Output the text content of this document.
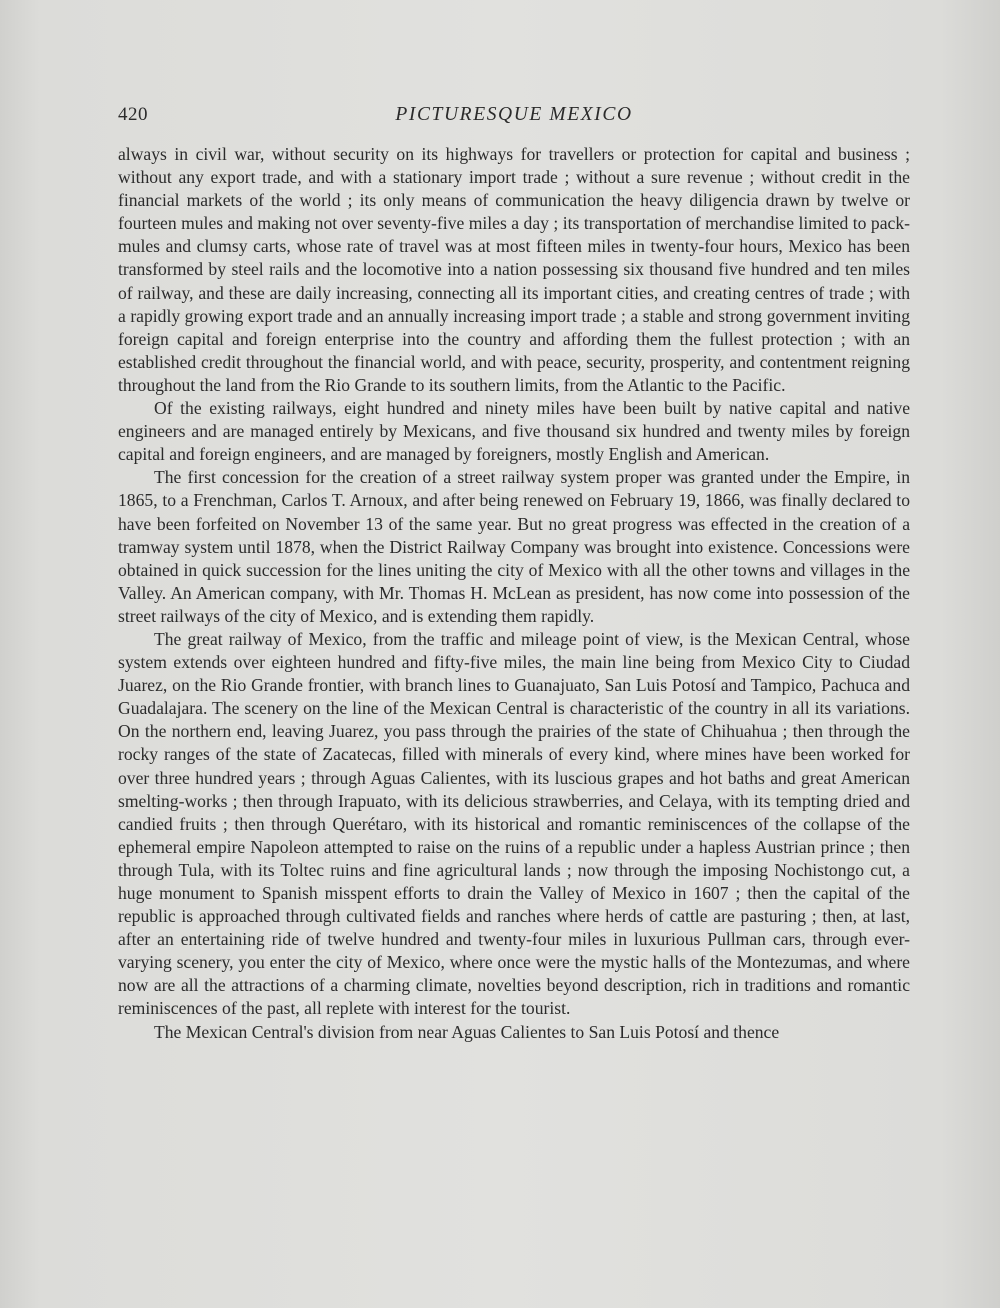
420	PICTURESQUE MEXICO

always in civil war, without security on its highways for travellers or protection for capital and business ; without any export trade, and with a stationary import trade ; without a sure revenue ; without credit in the financial markets of the world ; its only means of communication the heavy diligencia drawn by twelve or fourteen mules and making not over seventy-five miles a day ; its transportation of merchandise limited to pack-mules and clumsy carts, whose rate of travel was at most fifteen miles in twenty-four hours, Mexico has been transformed by steel rails and the locomotive into a nation possessing six thousand five hundred and ten miles of railway, and these are daily increasing, connecting all its important cities, and creating centres of trade ; with a rapidly growing export trade and an annually increasing import trade ; a stable and strong government inviting foreign capital and foreign enterprise into the country and affording them the fullest protection ; with an established credit throughout the financial world, and with peace, security, prosperity, and contentment reigning throughout the land from the Rio Grande to its southern limits, from the Atlantic to the Pacific.

Of the existing railways, eight hundred and ninety miles have been built by native capital and native engineers and are managed entirely by Mexicans, and five thousand six hundred and twenty miles by foreign capital and foreign engineers, and are managed by foreigners, mostly English and American.

The first concession for the creation of a street railway system proper was granted under the Empire, in 1865, to a Frenchman, Carlos T. Arnoux, and after being renewed on February 19, 1866, was finally declared to have been forfeited on November 13 of the same year. But no great progress was effected in the creation of a tramway system until 1878, when the District Railway Company was brought into existence. Concessions were obtained in quick succession for the lines uniting the city of Mexico with all the other towns and villages in the Valley. An American company, with Mr. Thomas H. McLean as president, has now come into possession of the street railways of the city of Mexico, and is extending them rapidly.

The great railway of Mexico, from the traffic and mileage point of view, is the Mexican Central, whose system extends over eighteen hundred and fifty-five miles, the main line being from Mexico City to Ciudad Juarez, on the Rio Grande frontier, with branch lines to Guanajuato, San Luis Potosí and Tampico, Pachuca and Guadalajara. The scenery on the line of the Mexican Central is characteristic of the country in all its variations. On the northern end, leaving Juarez, you pass through the prairies of the state of Chihuahua ; then through the rocky ranges of the state of Zacatecas, filled with minerals of every kind, where mines have been worked for over three hundred years ; through Aguas Calientes, with its luscious grapes and hot baths and great American smelting-works ; then through Irapuato, with its delicious strawberries, and Celaya, with its tempting dried and candied fruits ; then through Querétaro, with its historical and romantic reminiscences of the collapse of the ephemeral empire Napoleon attempted to raise on the ruins of a republic under a hapless Austrian prince ; then through Tula, with its Toltec ruins and fine agricultural lands ; now through the imposing Nochistongo cut, a huge monument to Spanish misspent efforts to drain the Valley of Mexico in 1607 ; then the capital of the republic is approached through cultivated fields and ranches where herds of cattle are pasturing ; then, at last, after an entertaining ride of twelve hundred and twenty-four miles in luxurious Pullman cars, through ever-varying scenery, you enter the city of Mexico, where once were the mystic halls of the Montezumas, and where now are all the attractions of a charming climate, novelties beyond description, rich in traditions and romantic reminiscences of the past, all replete with interest for the tourist.

The Mexican Central's division from near Aguas Calientes to San Luis Potosí and thence
